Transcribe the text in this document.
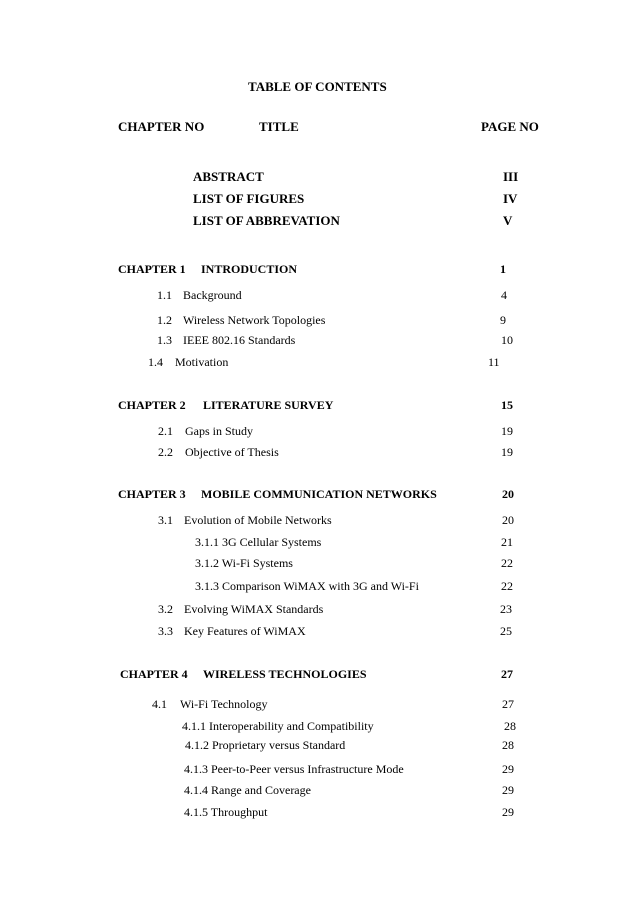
TABLE OF CONTENTS
CHAPTER NO	TITLE	PAGE NO
ABSTRACT	III
LIST OF FIGURES	IV
LIST OF ABBREVATION	V
CHAPTER 1 INTRODUCTION	1
1.1 Background	4
1.2 Wireless Network Topologies	9
1.3 IEEE 802.16 Standards	10
1.4 Motivation	11
CHAPTER 2 LITERATURE SURVEY	15
2.1 Gaps in Study	19
2.2 Objective of Thesis	19
CHAPTER 3 MOBILE COMMUNICATION NETWORKS	20
3.1 Evolution of Mobile Networks	20
3.1.1 3G Cellular Systems	21
3.1.2 Wi-Fi Systems	22
3.1.3 Comparison WiMAX with 3G and Wi-Fi	22
3.2 Evolving WiMAX Standards	23
3.3 Key Features of WiMAX	25
CHAPTER 4 WIRELESS TECHNOLOGIES	27
4.1 Wi-Fi Technology	27
4.1.1 Interoperability and Compatibility	28
4.1.2 Proprietary versus Standard	28
4.1.3 Peer-to-Peer versus Infrastructure Mode	29
4.1.4 Range and Coverage	29
4.1.5 Throughput	29
